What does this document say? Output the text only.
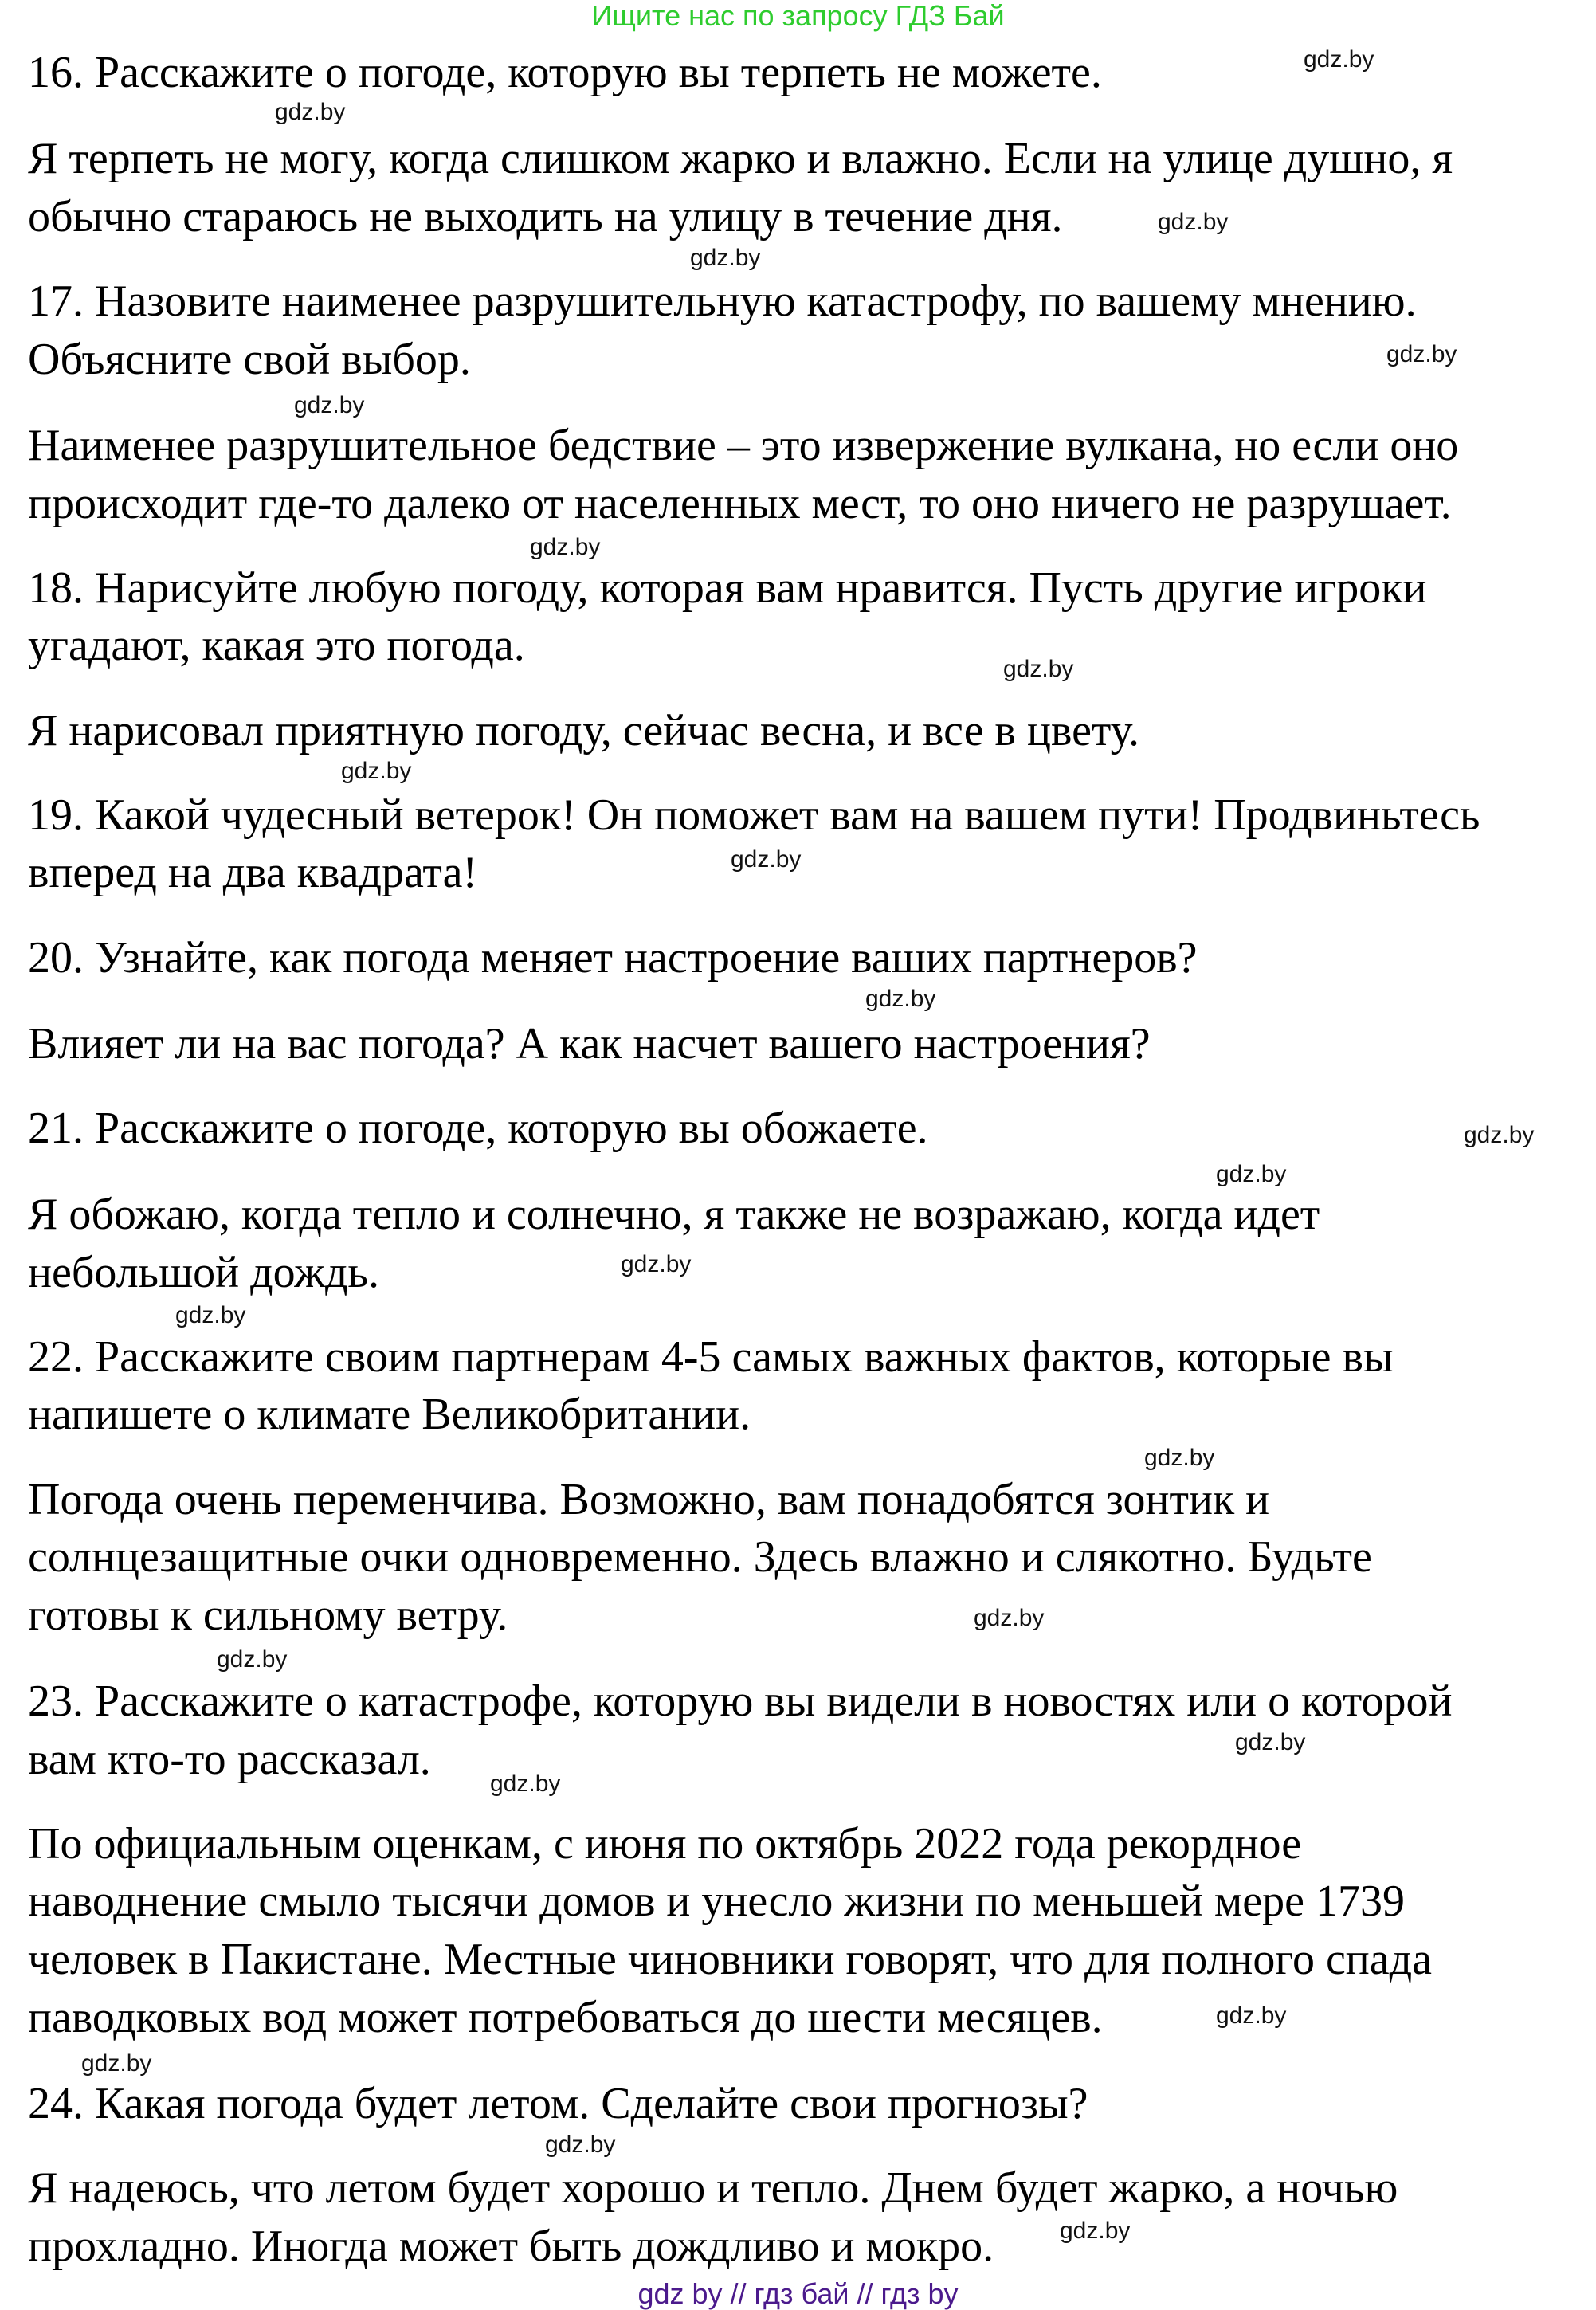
Ищите нас по запросу ГДЗ Бай
16. Расскажите о погоде, которую вы терпеть не можете.
Я терпеть не могу, когда слишком жарко и влажно. Если на улице душно, я
обычно стараюсь не выходить на улицу в течение дня.
17. Назовите наименее разрушительную катастрофу, по вашему мнению.
Объясните свой выбор.
Наименее разрушительное бедствие – это извержение вулкана, но если оно
происходит где-то далеко от населенных мест, то оно ничего не разрушает.
18. Нарисуйте любую погоду, которая вам нравится. Пусть другие игроки
угадают, какая это погода.
Я нарисовал приятную погоду, сейчас весна, и все в цвету.
19. Какой чудесный ветерок! Он поможет вам на вашем пути! Продвиньтесь
вперед на два квадрата!
20. Узнайте, как погода меняет настроение ваших партнеров?
Влияет ли на вас погода? А как насчет вашего настроения?
21. Расскажите о погоде, которую вы обожаете.
Я обожаю, когда тепло и солнечно, я также не возражаю, когда идет
небольшой дождь.
22. Расскажите своим партнерам 4-5 самых важных фактов, которые вы
напишете о климате Великобритании.
Погода очень переменчива. Возможно, вам понадобятся зонтик и
солнцезащитные очки одновременно. Здесь влажно и слякотно. Будьте
готовы к сильному ветру.
23. Расскажите о катастрофе, которую вы видели в новостях или о которой
вам кто-то рассказал.
По официальным оценкам, с июня по октябрь 2022 года рекордное
наводнение смыло тысячи домов и унесло жизни по меньшей мере 1739
человек в Пакистане. Местные чиновники говорят, что для полного спада
паводковых вод может потребоваться до шести месяцев.
24. Какая погода будет летом. Сделайте свои прогнозы?
Я надеюсь, что летом будет хорошо и тепло. Днем будет жарко, а ночью
прохладно. Иногда может быть дождливо и мокро.
gdz.by
gdz.by
gdz.by
gdz.by
gdz.by
gdz.by
gdz.by
gdz.by
gdz.by
gdz.by
gdz.by
gdz.by
gdz.by
gdz.by
gdz.by
gdz.by
gdz.by
gdz.by
gdz.by
gdz.by
gdz.by
gdz.by
gdz.by
gdz.by
gdz by // гдз бай // гдз by
